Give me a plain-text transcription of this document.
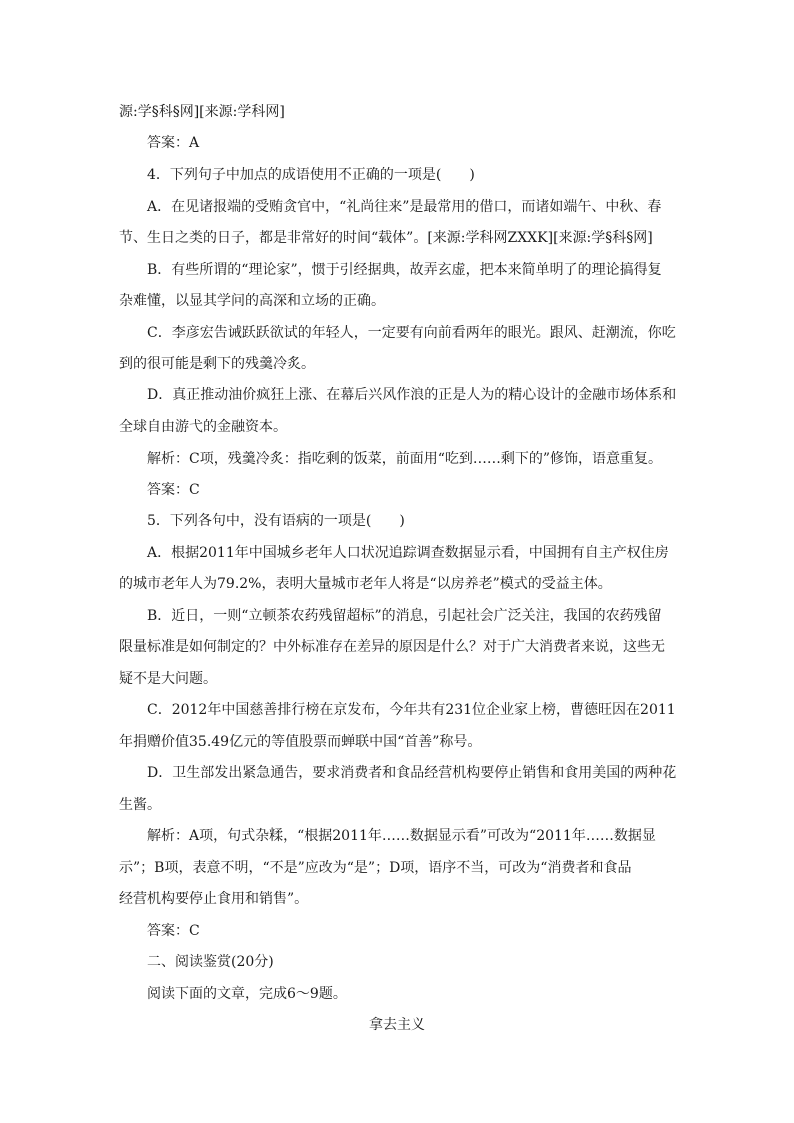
源:学§科§网][来源:学科网]
答案：A
4．下列句子中加点的成语使用不正确的一项是(　　)
A．在见诸报端的受贿贪官中，“礼尚往来”是最常用的借口，而诸如端午、中秋、春
节、生日之类的日子，都是非常好的时间“载体”。[来源:学科网ZXXK][来源:学§科§网]
B．有些所谓的“理论家”，惯于引经据典，故弄玄虚，把本来简单明了的理论搞得复
杂难懂，以显其学问的高深和立场的正确。
C．李彦宏告诫跃跃欲试的年轻人，一定要有向前看两年的眼光。跟风、赶潮流，你吃
到的很可能是剩下的残羹冷炙。
D．真正推动油价疯狂上涨、在幕后兴风作浪的正是人为的精心设计的金融市场体系和
全球自由游弋的金融资本。
解析：C项，残羹冷炙：指吃剩的饭菜，前面用“吃到……剩下的”修饰，语意重复。
答案：C
5．下列各句中，没有语病的一项是(　　)
A．根据2011年中国城乡老年人口状况追踪调查数据显示看，中国拥有自主产权住房
的城市老年人为79.2%，表明大量城市老年人将是“以房养老”模式的受益主体。
B．近日，一则“立顿茶农药残留超标”的消息，引起社会广泛关注，我国的农药残留
限量标准是如何制定的？中外标准存在差异的原因是什么？对于广大消费者来说，这些无
疑不是大问题。
C．2012年中国慈善排行榜在京发布，今年共有231位企业家上榜，曹德旺因在2011
年捐赠价值35.49亿元的等值股票而蝉联中国“首善”称号。
D．卫生部发出紧急通告，要求消费者和食品经营机构要停止销售和食用美国的两种花
生酱。
解析：A项，句式杂糅，“根据2011年……数据显示看”可改为“2011年……数据显
示”；B项，表意不明，“不是”应改为“是”；D项，语序不当，可改为“消费者和食品
经营机构要停止食用和销售”。
答案：C
二、阅读鉴赏(20分)
阅读下面的文章，完成6～9题。
拿去主义
